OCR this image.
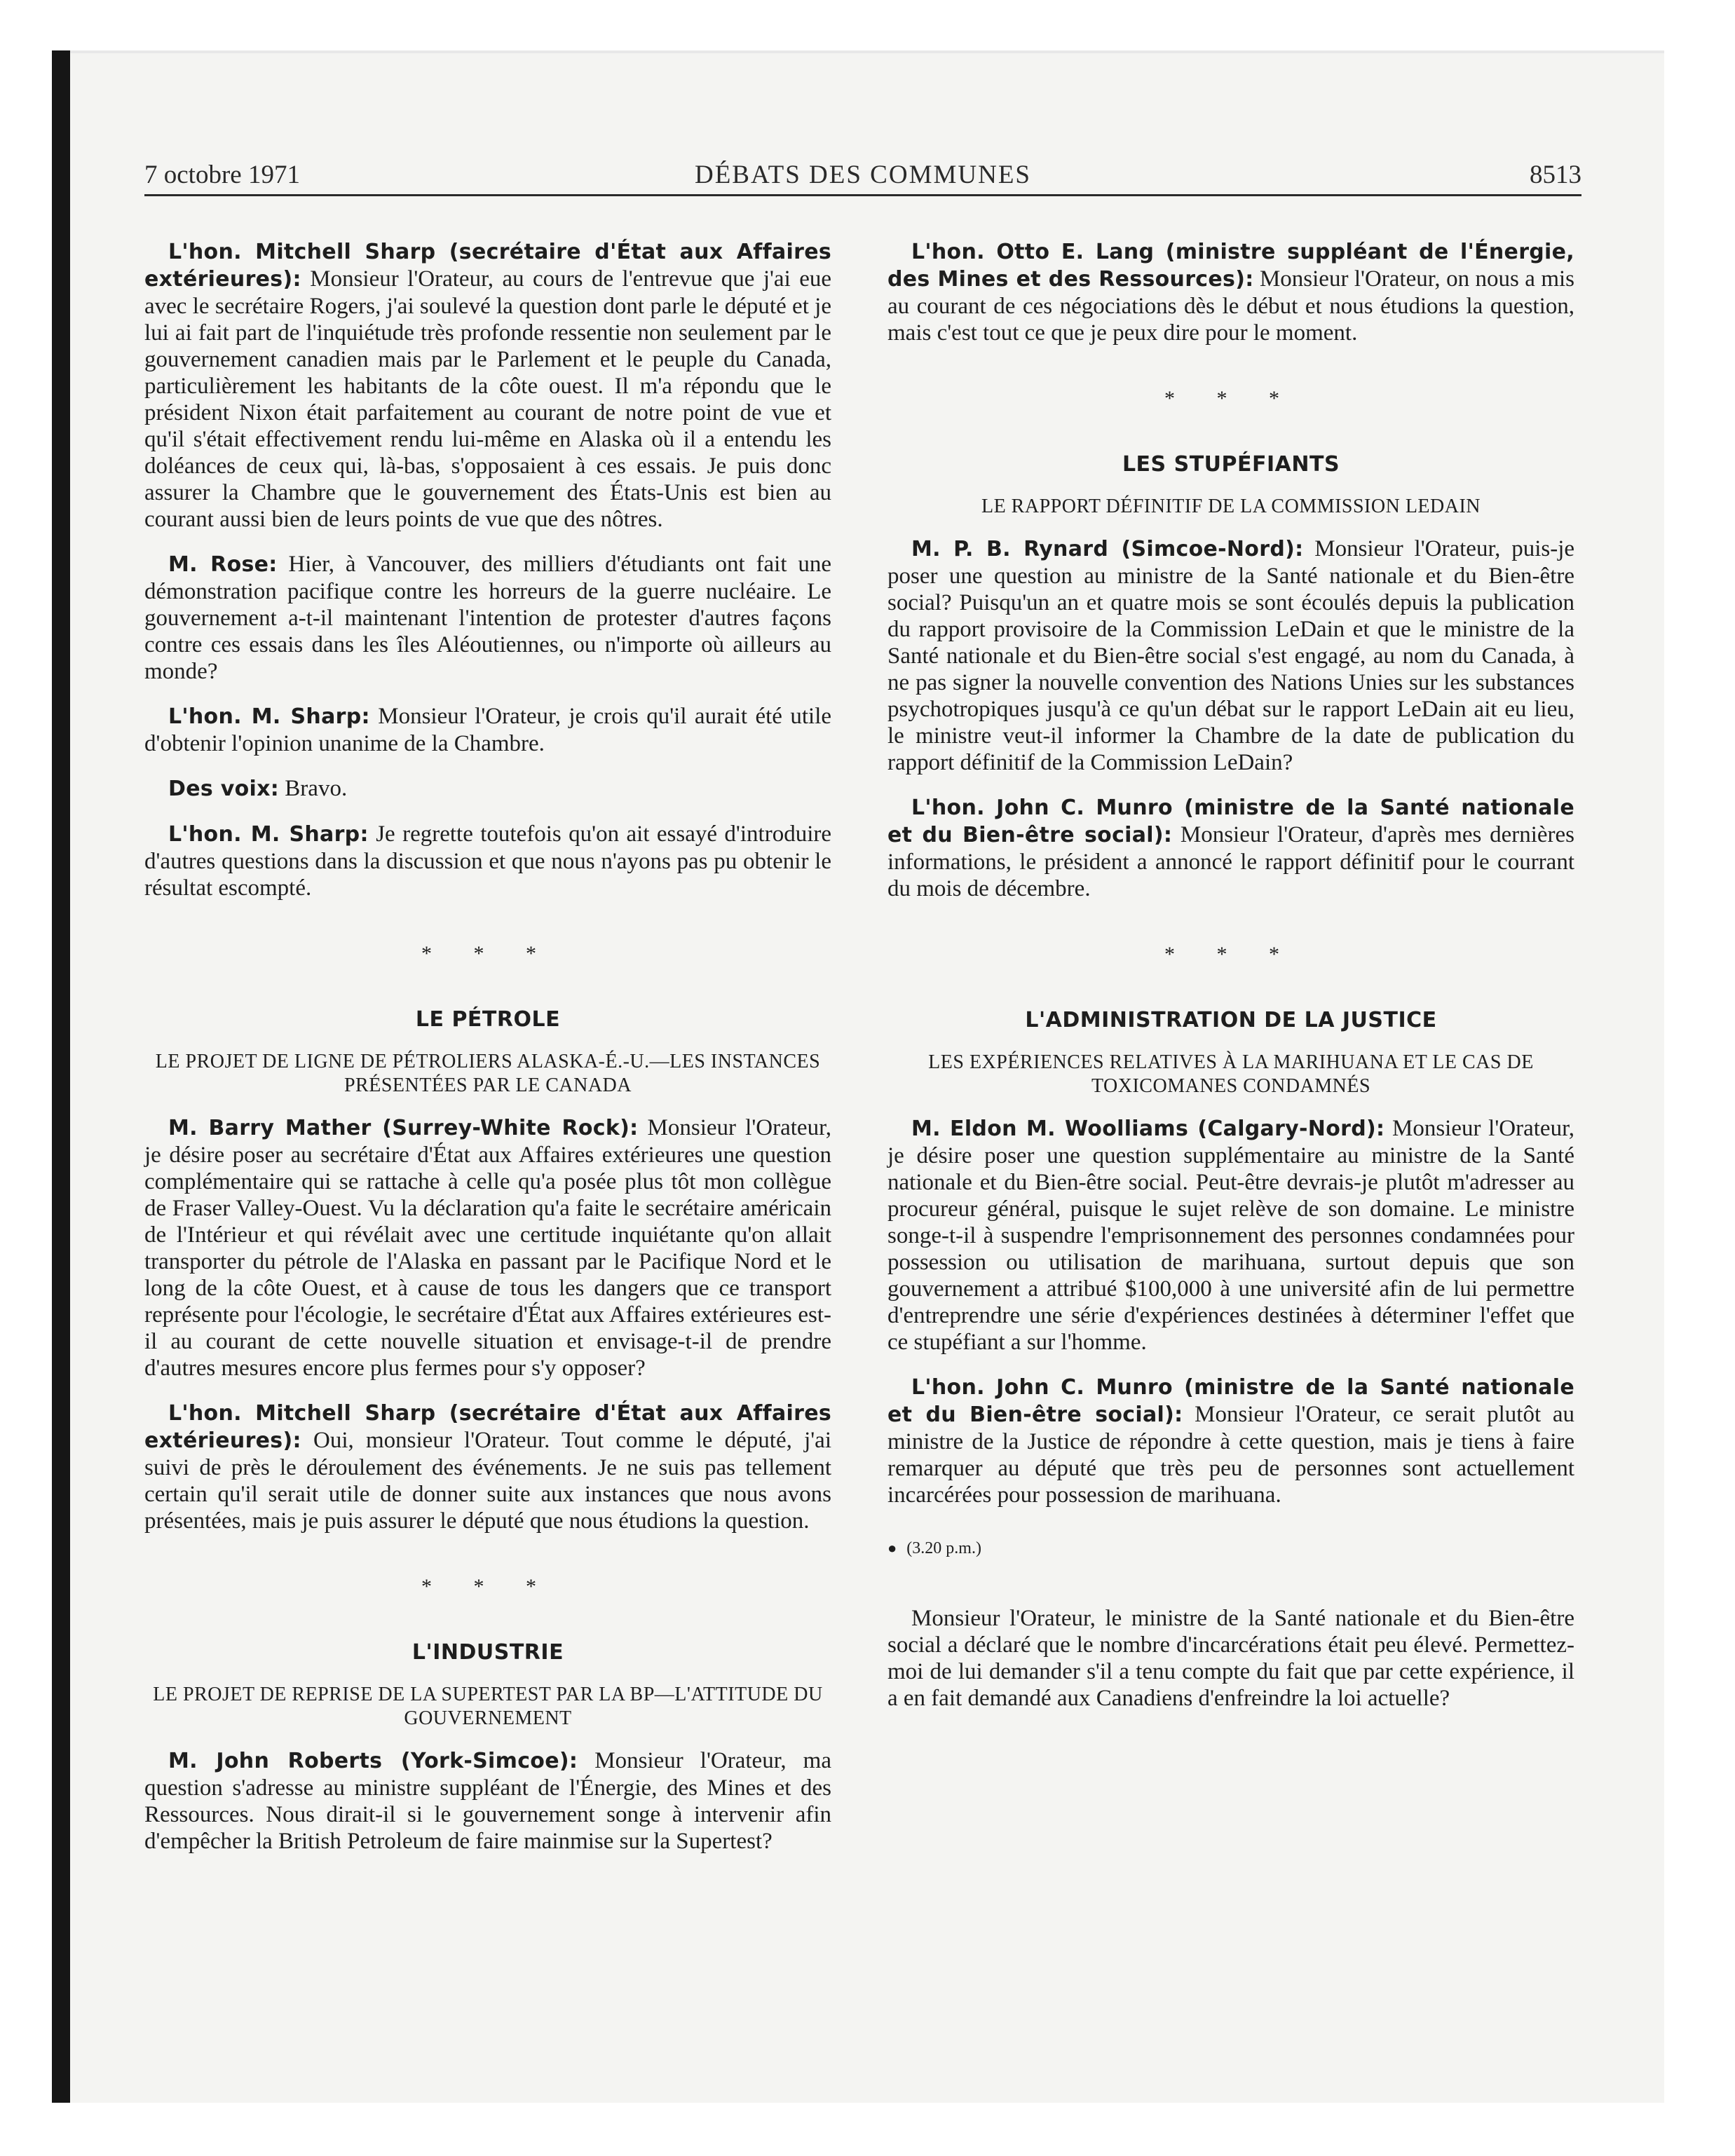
7 octobre 1971	DÉBATS DES COMMUNES	8513

L'hon. Mitchell Sharp (secrétaire d'État aux Affaires extérieures): Monsieur l'Orateur, au cours de l'entrevue que j'ai eue avec le secrétaire Rogers, j'ai soulevé la question dont parle le député et je lui ai fait part de l'inquiétude très profonde ressentie non seulement par le gouvernement canadien mais par le Parlement et le peuple du Canada, particulièrement les habitants de la côte ouest. Il m'a répondu que le président Nixon était parfaitement au courant de notre point de vue et qu'il s'était effectivement rendu lui-même en Alaska où il a entendu les doléances de ceux qui, là-bas, s'opposaient à ces essais. Je puis donc assurer la Chambre que le gouvernement des États-Unis est bien au courant aussi bien de leurs points de vue que des nôtres.

M. Rose: Hier, à Vancouver, des milliers d'étudiants ont fait une démonstration pacifique contre les horreurs de la guerre nucléaire. Le gouvernement a-t-il maintenant l'intention de protester d'autres façons contre ces essais dans les îles Aléoutiennes, ou n'importe où ailleurs au monde?

L'hon. M. Sharp: Monsieur l'Orateur, je crois qu'il aurait été utile d'obtenir l'opinion unanime de la Chambre.

Des voix: Bravo.

L'hon. M. Sharp: Je regrette toutefois qu'on ait essayé d'introduire d'autres questions dans la discussion et que nous n'ayons pas pu obtenir le résultat escompté.

* * *
LE PÉTROLE
LE PROJET DE LIGNE DE PÉTROLIERS ALASKA-É.-U.—LES INSTANCES PRÉSENTÉES PAR LE CANADA

M. Barry Mather (Surrey-White Rock): Monsieur l'Orateur, je désire poser au secrétaire d'État aux Affaires extérieures une question complémentaire qui se rattache à celle qu'a posée plus tôt mon collègue de Fraser Valley-Ouest. Vu la déclaration qu'a faite le secrétaire américain de l'Intérieur et qui révélait avec une certitude inquiétante qu'on allait transporter du pétrole de l'Alaska en passant par le Pacifique Nord et le long de la côte Ouest, et à cause de tous les dangers que ce transport représente pour l'écologie, le secrétaire d'État aux Affaires extérieures est-il au courant de cette nouvelle situation et envisage-t-il de prendre d'autres mesures encore plus fermes pour s'y opposer?

L'hon. Mitchell Sharp (secrétaire d'État aux Affaires extérieures): Oui, monsieur l'Orateur. Tout comme le député, j'ai suivi de près le déroulement des événements. Je ne suis pas tellement certain qu'il serait utile de donner suite aux instances que nous avons présentées, mais je puis assurer le député que nous étudions la question.

* * *
L'INDUSTRIE
LE PROJET DE REPRISE DE LA SUPERTEST PAR LA BP—L'ATTITUDE DU GOUVERNEMENT

M. John Roberts (York-Simcoe): Monsieur l'Orateur, ma question s'adresse au ministre suppléant de l'Énergie, des Mines et des Ressources. Nous dirait-il si le gouvernement songe à intervenir afin d'empêcher la British Petroleum de faire mainmise sur la Supertest?

L'hon. Otto E. Lang (ministre suppléant de l'Énergie, des Mines et des Ressources): Monsieur l'Orateur, on nous a mis au courant de ces négociations dès le début et nous étudions la question, mais c'est tout ce que je peux dire pour le moment.

* * *
LES STUPÉFIANTS
LE RAPPORT DÉFINITIF DE LA COMMISSION LEDAIN

M. P. B. Rynard (Simcoe-Nord): Monsieur l'Orateur, puis-je poser une question au ministre de la Santé nationale et du Bien-être social? Puisqu'un an et quatre mois se sont écoulés depuis la publication du rapport provisoire de la Commission LeDain et que le ministre de la Santé nationale et du Bien-être social s'est engagé, au nom du Canada, à ne pas signer la nouvelle convention des Nations Unies sur les substances psychotropiques jusqu'à ce qu'un débat sur le rapport LeDain ait eu lieu, le ministre veut-il informer la Chambre de la date de publication du rapport définitif de la Commission LeDain?

L'hon. John C. Munro (ministre de la Santé nationale et du Bien-être social): Monsieur l'Orateur, d'après mes dernières informations, le président a annoncé le rapport définitif pour le courrant du mois de décembre.

* * *
L'ADMINISTRATION DE LA JUSTICE
LES EXPÉRIENCES RELATIVES À LA MARIHUANA ET LE CAS DE TOXICOMANES CONDAMNÉS

M. Eldon M. Woolliams (Calgary-Nord): Monsieur l'Orateur, je désire poser une question supplémentaire au ministre de la Santé nationale et du Bien-être social. Peut-être devrais-je plutôt m'adresser au procureur général, puisque le sujet relève de son domaine. Le ministre songe-t-il à suspendre l'emprisonnement des personnes condamnées pour possession ou utilisation de marihuana, surtout depuis que son gouvernement a attribué $100,000 à une université afin de lui permettre d'entreprendre une série d'expériences destinées à déterminer l'effet que ce stupéfiant a sur l'homme.

L'hon. John C. Munro (ministre de la Santé nationale et du Bien-être social): Monsieur l'Orateur, ce serait plutôt au ministre de la Justice de répondre à cette question, mais je tiens à faire remarquer au député que très peu de personnes sont actuellement incarcérées pour possession de marihuana.

● (3.20 p.m.)

Monsieur l'Orateur, le ministre de la Santé nationale et du Bien-être social a déclaré que le nombre d'incarcérations était peu élevé. Permettez-moi de lui demander s'il a tenu compte du fait que par cette expérience, il a en fait demandé aux Canadiens d'enfreindre la loi actuelle?
